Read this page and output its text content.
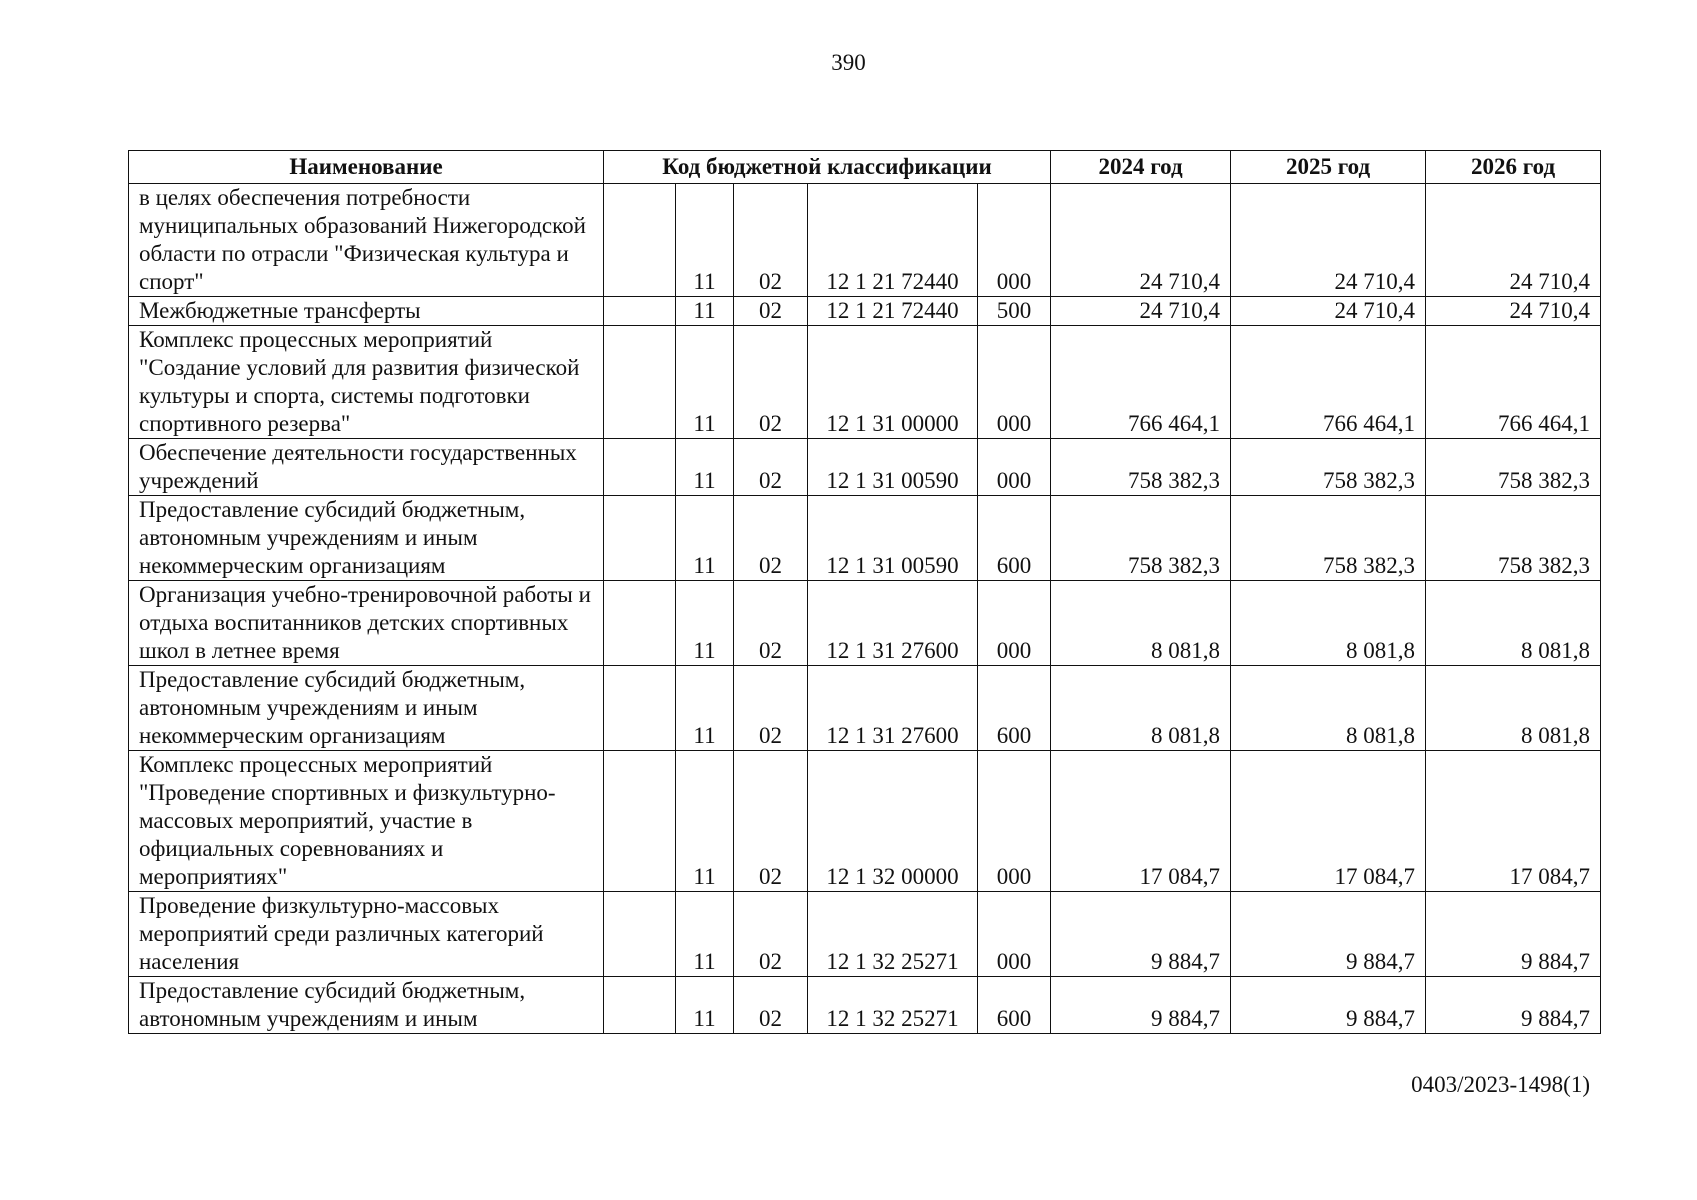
390
Наименование	Код бюджетной классификации					2024 год	2025 год	2026 год
в целях обеспечения потребности муниципальных образований Нижегородской области по отрасли "Физическая культура и спорт"		11	02	12 1 21 72440	000	24 710,4	24 710,4	24 710,4
Межбюджетные трансферты		11	02	12 1 21 72440	500	24 710,4	24 710,4	24 710,4
Комплекс процессных мероприятий "Создание условий для развития физической культуры и спорта, системы подготовки спортивного резерва"		11	02	12 1 31 00000	000	766 464,1	766 464,1	766 464,1
Обеспечение деятельности государственных учреждений		11	02	12 1 31 00590	000	758 382,3	758 382,3	758 382,3
Предоставление субсидий бюджетным, автономным учреждениям и иным некоммерческим организациям		11	02	12 1 31 00590	600	758 382,3	758 382,3	758 382,3
Организация учебно-тренировочной работы и отдыха воспитанников детских спортивных школ в летнее время		11	02	12 1 31 27600	000	8 081,8	8 081,8	8 081,8
Предоставление субсидий бюджетным, автономным учреждениям и иным некоммерческим организациям		11	02	12 1 31 27600	600	8 081,8	8 081,8	8 081,8
Комплекс процессных мероприятий "Проведение спортивных и физкультурно-массовых мероприятий, участие в официальных соревнованиях и мероприятиях"		11	02	12 1 32 00000	000	17 084,7	17 084,7	17 084,7
Проведение физкультурно-массовых мероприятий среди различных категорий населения		11	02	12 1 32 25271	000	9 884,7	9 884,7	9 884,7
Предоставление субсидий бюджетным, автономным учреждениям и иным		11	02	12 1 32 25271	600	9 884,7	9 884,7	9 884,7
0403/2023-1498(1)
